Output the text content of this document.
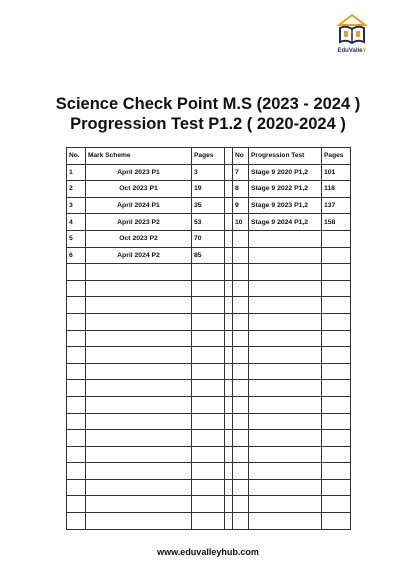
EduValleY
Science Check Point M.S (2023 - 2024 )
Progression Test P1.2 ( 2020-2024 )
No.	Mark Scheme	Pages		No	Progression Test	Pages
1	April 2023 P1	3		7	Stage 9 2020 P1,2	101
2	Oct 2023 P1	19		8	Stage 9 2022 P1,2	118
3	April 2024 P1	35		9	Stage 9 2023 P1,2	137
4	April 2023 P2	53		10	Stage 9 2024 P1,2	158
5	Oct 2023 P2	70				
6	April 2024 P2	85				

www.eduvalleyhub.com
